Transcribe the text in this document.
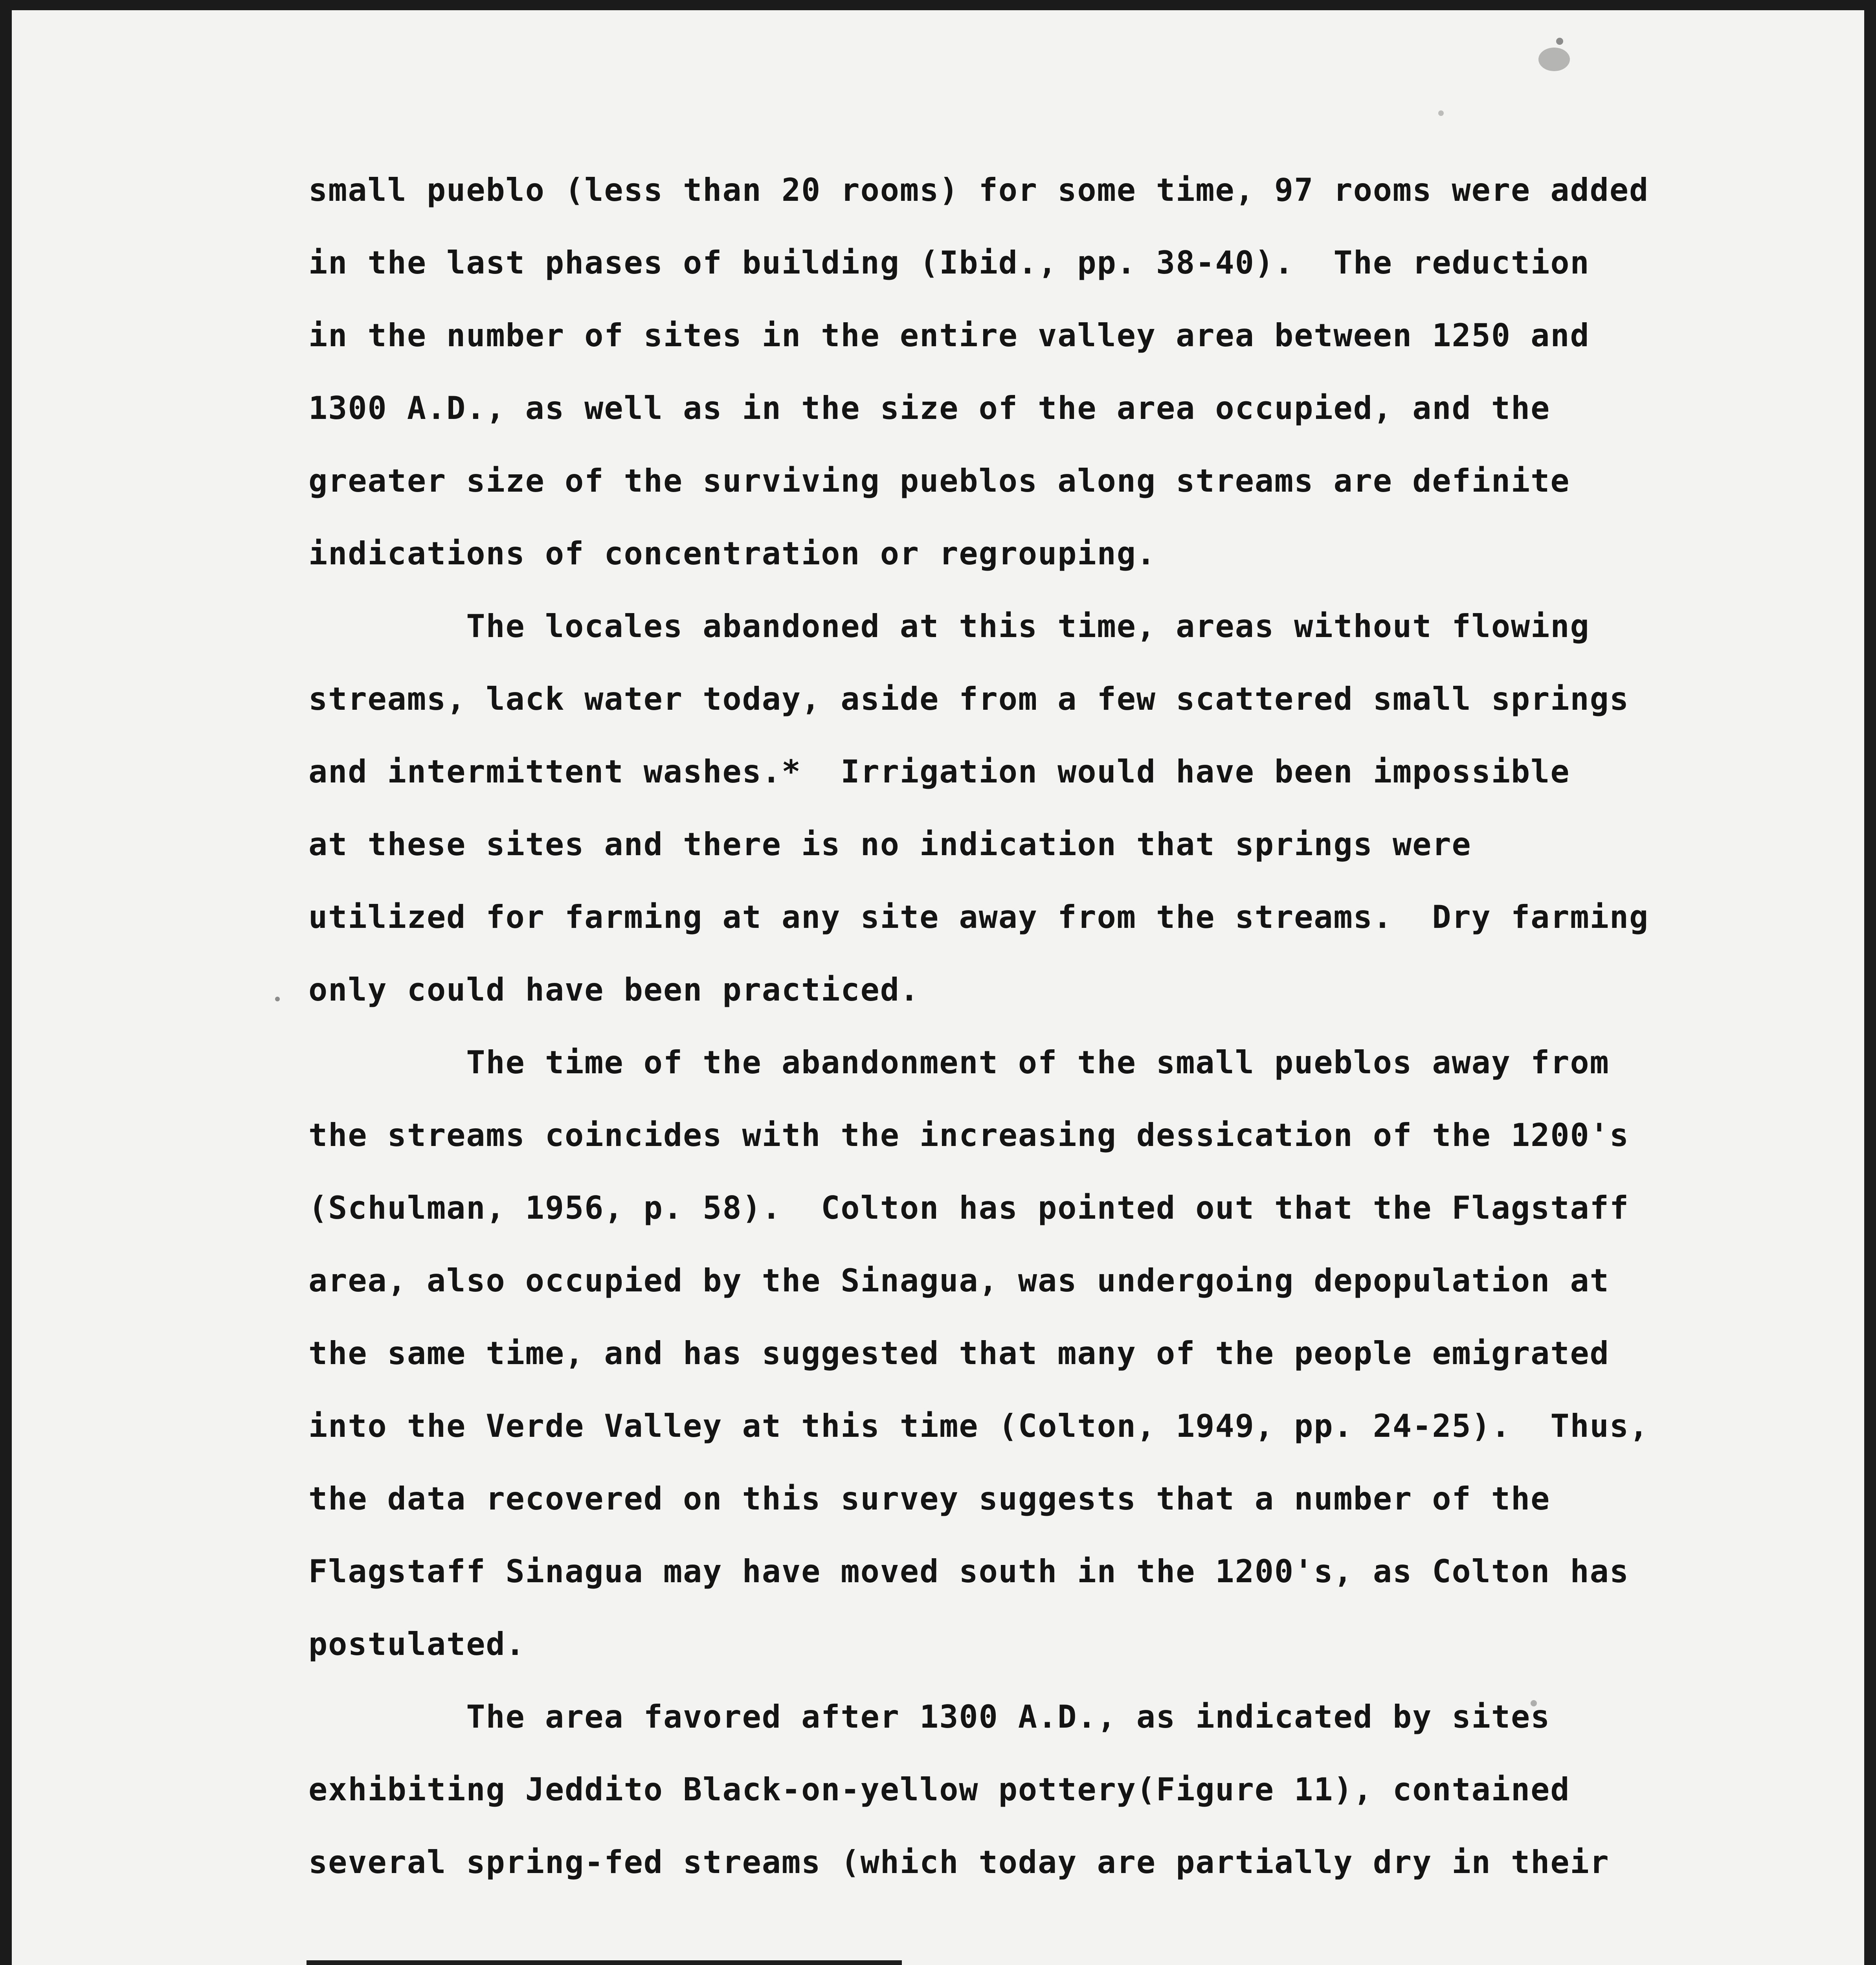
small pueblo (less than 20 rooms) for some time, 97 rooms were added
in the last phases of building (Ibid., pp. 38-40).  The reduction
in the number of sites in the entire valley area between 1250 and
1300 A.D., as well as in the size of the area occupied, and the
greater size of the surviving pueblos along streams are definite
indications of concentration or regrouping.
The locales abandoned at this time, areas without flowing
streams, lack water today, aside from a few scattered small springs
and intermittent washes.*  Irrigation would have been impossible
at these sites and there is no indication that springs were
utilized for farming at any site away from the streams.  Dry farming
only could have been practiced.
The time of the abandonment of the small pueblos away from
the streams coincides with the increasing dessication of the 1200's
(Schulman, 1956, p. 58).  Colton has pointed out that the Flagstaff
area, also occupied by the Sinagua, was undergoing depopulation at
the same time, and has suggested that many of the people emigrated
into the Verde Valley at this time (Colton, 1949, pp. 24-25).  Thus,
the data recovered on this survey suggests that a number of the
Flagstaff Sinagua may have moved south in the 1200's, as Colton has
postulated.
The area favored after 1300 A.D., as indicated by sites
exhibiting Jeddito Black-on-yellow pottery(Figure 11), contained
several spring-fed streams (which today are partially dry in their
